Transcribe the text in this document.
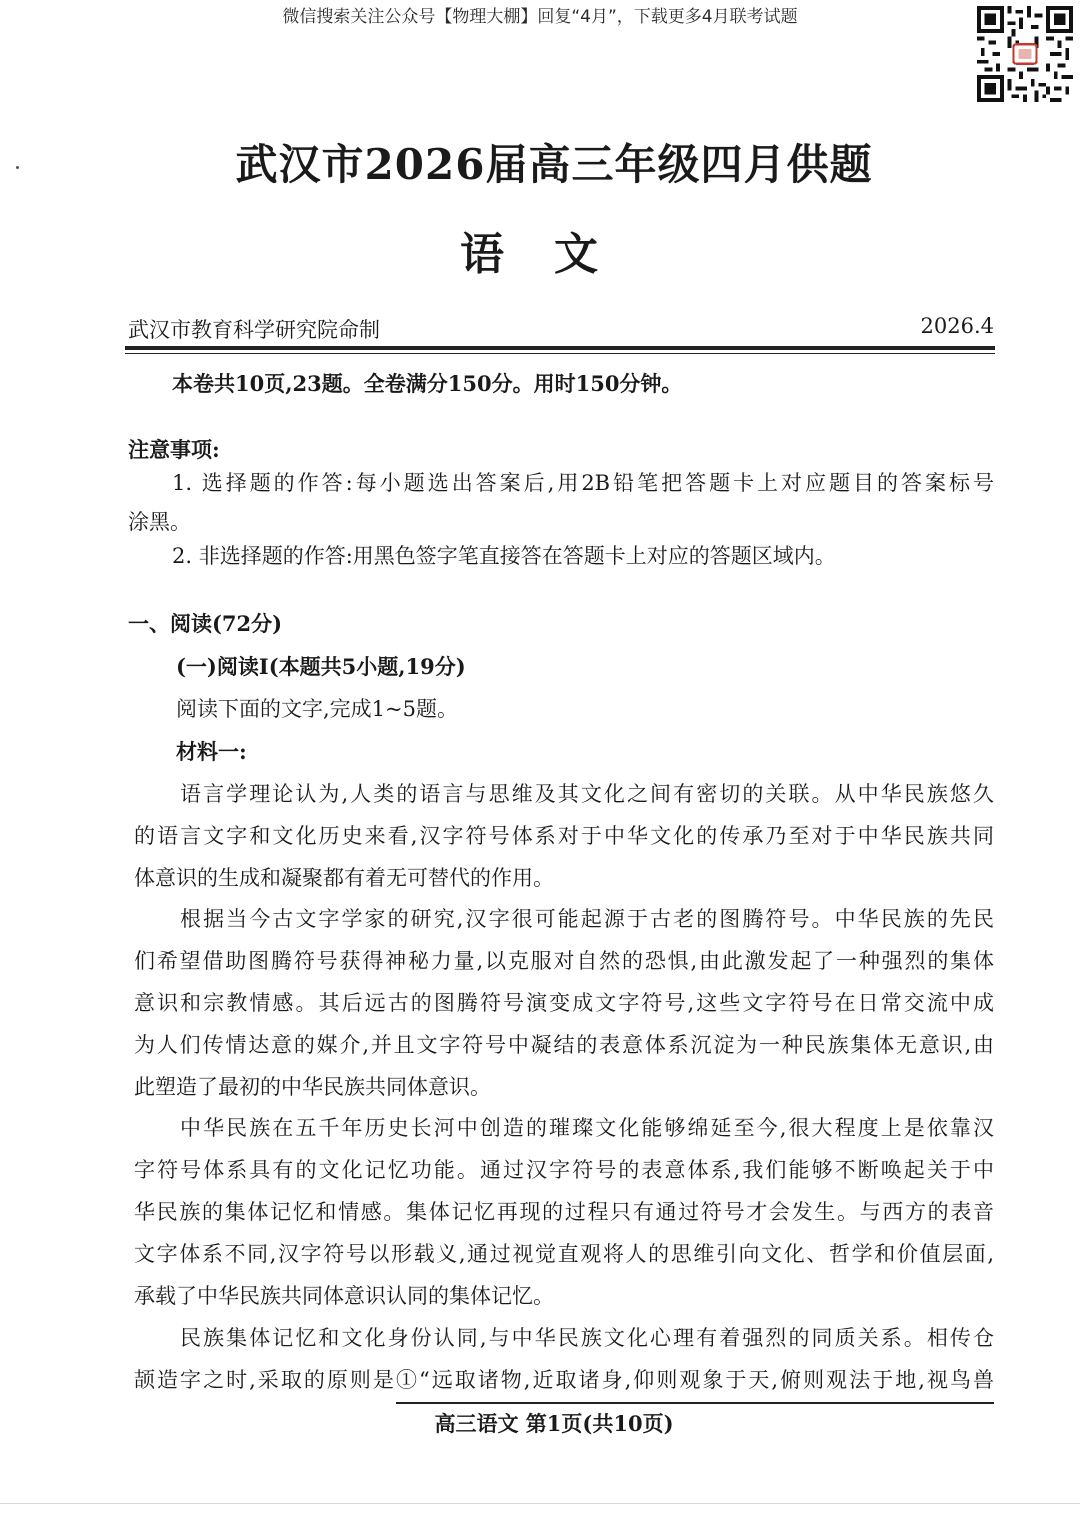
微信搜索关注公众号【物理大棚】回复“4月”，下载更多4月联考试题
武汉市2026届高三年级四月供题
语文
武汉市教育科学研究院命制	2026.4
本卷共10页,23题。全卷满分150分。用时150分钟。
注意事项:
1. 选择题的作答:每小题选出答案后,用2B铅笔把答题卡上对应题目的答案标号
涂黑。
2. 非选择题的作答:用黑色签字笔直接答在答题卡上对应的答题区域内。
一、阅读(72分)
(一)阅读Ⅰ(本题共5小题,19分)
阅读下面的文字,完成1~5题。
材料一:
语言学理论认为,人类的语言与思维及其文化之间有密切的关联。从中华民族悠久
的语言文字和文化历史来看,汉字符号体系对于中华文化的传承乃至对于中华民族共同
体意识的生成和凝聚都有着无可替代的作用。
根据当今古文字学家的研究,汉字很可能起源于古老的图腾符号。中华民族的先民
们希望借助图腾符号获得神秘力量,以克服对自然的恐惧,由此激发起了一种强烈的集体
意识和宗教情感。其后远古的图腾符号演变成文字符号,这些文字符号在日常交流中成
为人们传情达意的媒介,并且文字符号中凝结的表意体系沉淀为一种民族集体无意识,由
此塑造了最初的中华民族共同体意识。
中华民族在五千年历史长河中创造的璀璨文化能够绵延至今,很大程度上是依靠汉
字符号体系具有的文化记忆功能。通过汉字符号的表意体系,我们能够不断唤起关于中
华民族的集体记忆和情感。集体记忆再现的过程只有通过符号才会发生。与西方的表音
文字体系不同,汉字符号以形载义,通过视觉直观将人的思维引向文化、哲学和价值层面,
承载了中华民族共同体意识认同的集体记忆。
民族集体记忆和文化身份认同,与中华民族文化心理有着强烈的同质关系。相传仓
颉造字之时,采取的原则是①“远取诸物,近取诸身,仰则观象于天,俯则观法于地,视鸟兽
高三语文 第1页(共10页)
